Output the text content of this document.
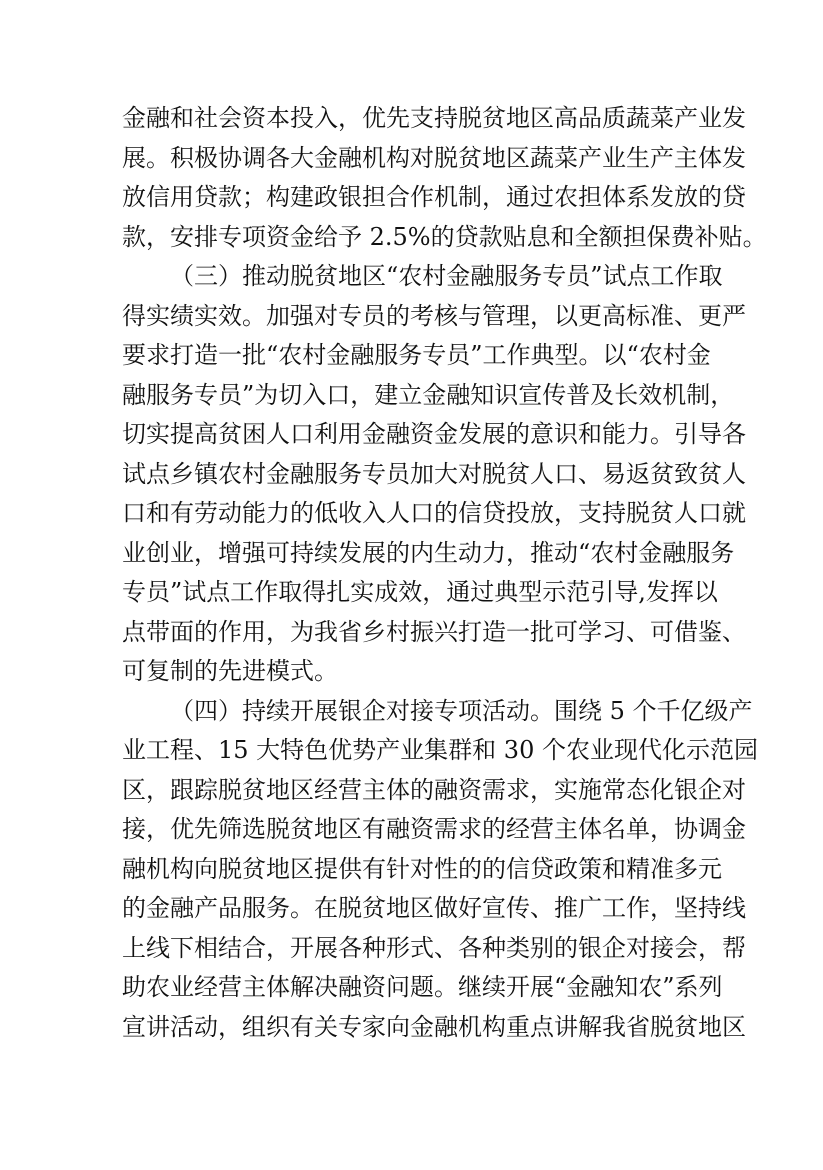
金融和社会资本投入，优先支持脱贫地区高品质蔬菜产业发
展。积极协调各大金融机构对脱贫地区蔬菜产业生产主体发
放信用贷款；构建政银担合作机制，通过农担体系发放的贷
款，安排专项资金给予 2.5%的贷款贴息和全额担保费补贴。
（三）推动脱贫地区“农村金融服务专员”试点工作取
得实绩实效。加强对专员的考核与管理，以更高标准、更严
要求打造一批“农村金融服务专员”工作典型。以“农村金
融服务专员”为切入口，建立金融知识宣传普及长效机制，
切实提高贫困人口利用金融资金发展的意识和能力。引导各
试点乡镇农村金融服务专员加大对脱贫人口、易返贫致贫人
口和有劳动能力的低收入人口的信贷投放，支持脱贫人口就
业创业，增强可持续发展的内生动力，推动“农村金融服务
专员”试点工作取得扎实成效，通过典型示范引导,发挥以
点带面的作用，为我省乡村振兴打造一批可学习、可借鉴、
可复制的先进模式。
（四）持续开展银企对接专项活动。围绕 5 个千亿级产
业工程、15 大特色优势产业集群和 30 个农业现代化示范园
区，跟踪脱贫地区经营主体的融资需求，实施常态化银企对
接，优先筛选脱贫地区有融资需求的经营主体名单，协调金
融机构向脱贫地区提供有针对性的的信贷政策和精准多元
的金融产品服务。在脱贫地区做好宣传、推广工作，坚持线
上线下相结合，开展各种形式、各种类别的银企对接会，帮
助农业经营主体解决融资问题。继续开展“金融知农”系列
宣讲活动，组织有关专家向金融机构重点讲解我省脱贫地区
